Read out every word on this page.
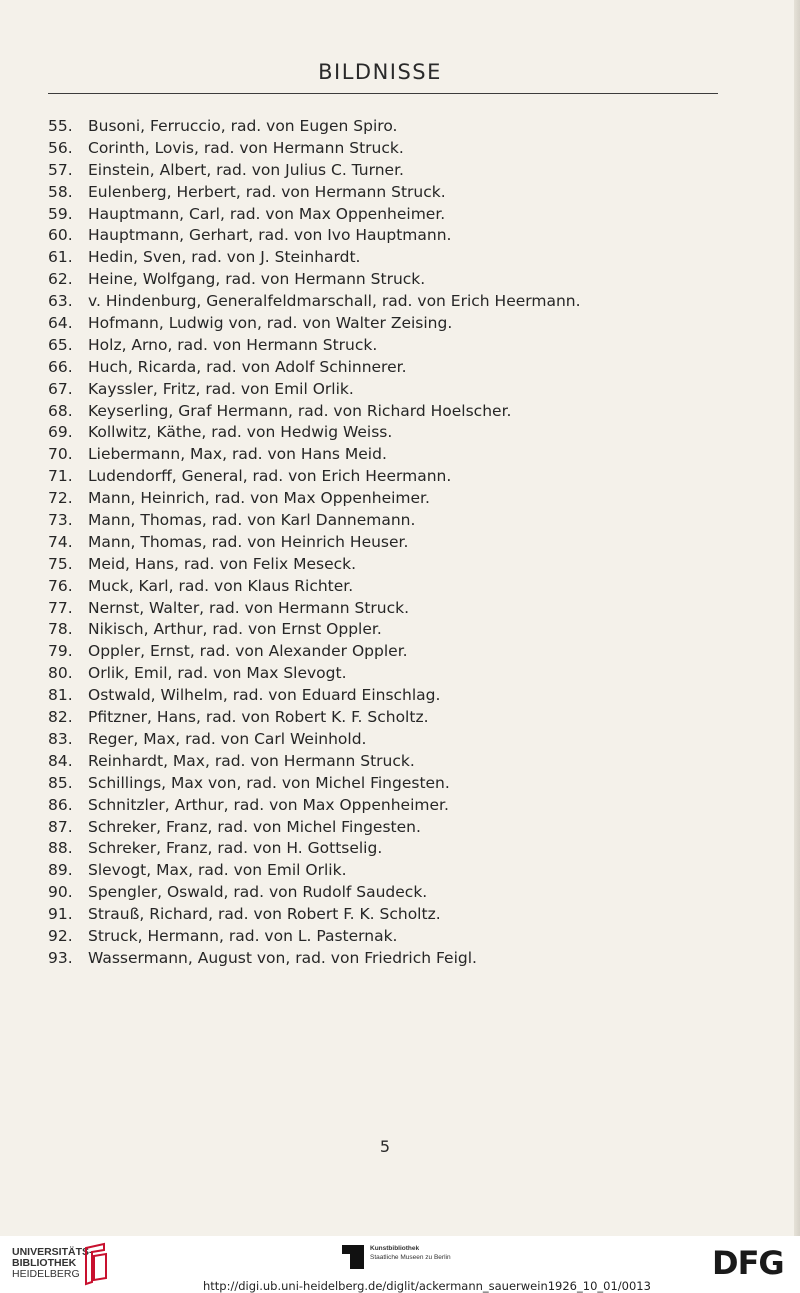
BILDNISSE
55. Busoni, Ferruccio, rad. von Eugen Spiro.
56. Corinth, Lovis, rad. von Hermann Struck.
57. Einstein, Albert, rad. von Julius C. Turner.
58. Eulenberg, Herbert, rad. von Hermann Struck.
59. Hauptmann, Carl, rad. von Max Oppenheimer.
60. Hauptmann, Gerhart, rad. von Ivo Hauptmann.
61. Hedin, Sven, rad. von J. Steinhardt.
62. Heine, Wolfgang, rad. von Hermann Struck.
63. v. Hindenburg, Generalfeldmarschall, rad. von Erich Heermann.
64. Hofmann, Ludwig von, rad. von Walter Zeising.
65. Holz, Arno, rad. von Hermann Struck.
66. Huch, Ricarda, rad. von Adolf Schinnerer.
67. Kayssler, Fritz, rad. von Emil Orlik.
68. Keyserling, Graf Hermann, rad. von Richard Hoelscher.
69. Kollwitz, Käthe, rad. von Hedwig Weiss.
70. Liebermann, Max, rad. von Hans Meid.
71. Ludendorff, General, rad. von Erich Heermann.
72. Mann, Heinrich, rad. von Max Oppenheimer.
73. Mann, Thomas, rad. von Karl Dannemann.
74. Mann, Thomas, rad. von Heinrich Heuser.
75. Meid, Hans, rad. von Felix Meseck.
76. Muck, Karl, rad. von Klaus Richter.
77. Nernst, Walter, rad. von Hermann Struck.
78. Nikisch, Arthur, rad. von Ernst Oppler.
79. Oppler, Ernst, rad. von Alexander Oppler.
80. Orlik, Emil, rad. von Max Slevogt.
81. Ostwald, Wilhelm, rad. von Eduard Einschlag.
82. Pfitzner, Hans, rad. von Robert K. F. Scholtz.
83. Reger, Max, rad. von Carl Weinhold.
84. Reinhardt, Max, rad. von Hermann Struck.
85. Schillings, Max von, rad. von Michel Fingesten.
86. Schnitzler, Arthur, rad. von Max Oppenheimer.
87. Schreker, Franz, rad. von Michel Fingesten.
88. Schreker, Franz, rad. von H. Gottselig.
89. Slevogt, Max, rad. von Emil Orlik.
90. Spengler, Oswald, rad. von Rudolf Saudeck.
91. Strauß, Richard, rad. von Robert F. K. Scholtz.
92. Struck, Hermann, rad. von L. Pasternak.
93. Wassermann, August von, rad. von Friedrich Feigl.
5
UNIVERSITÄTS-
BIBLIOTHEK
HEIDELBERG
Kunstbibliothek
Staatliche Museen zu Berlin	DFG
http://digi.ub.uni-heidelberg.de/diglit/ackermann_sauerwein1926_10_01/0013
